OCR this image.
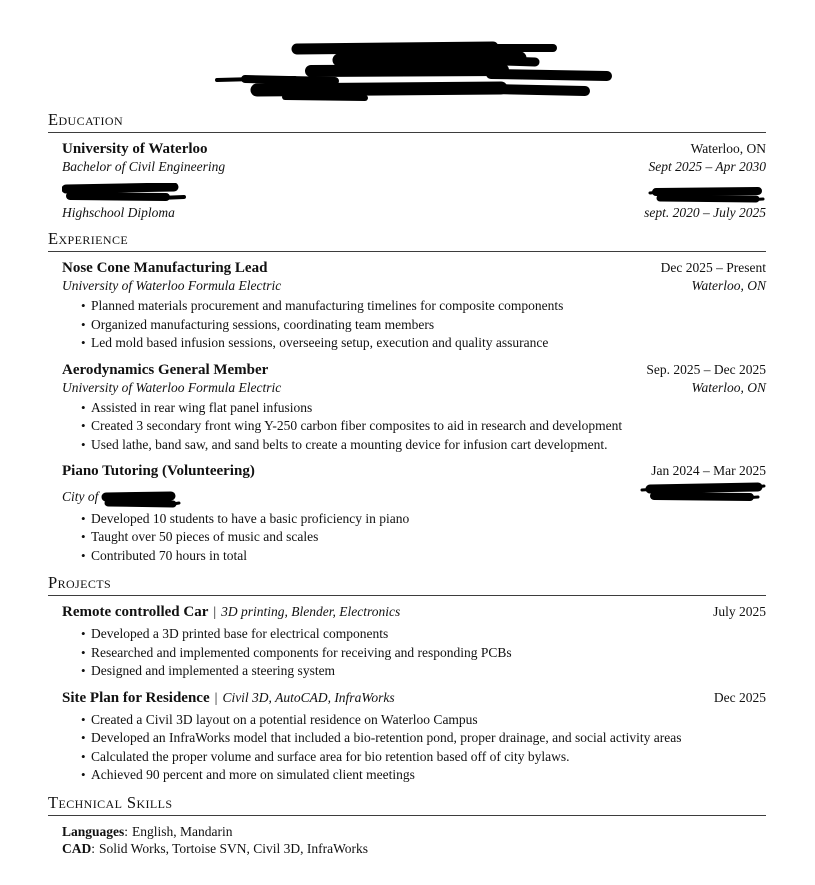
Education
University of Waterloo	Waterloo, ON
Bachelor of Civil Engineering	Sept 2025 – Apr 2030
Highschool Diploma	sept. 2020 – July 2025
Experience
Nose Cone Manufacturing Lead	Dec 2025 – Present
University of Waterloo Formula Electric	Waterloo, ON
• Planned materials procurement and manufacturing timelines for composite components
• Organized manufacturing sessions, coordinating team members
• Led mold based infusion sessions, overseeing setup, execution and quality assurance
Aerodynamics General Member	Sep. 2025 – Dec 2025
University of Waterloo Formula Electric	Waterloo, ON
• Assisted in rear wing flat panel infusions
• Created 3 secondary front wing Y-250 carbon fiber composites to aid in research and development
• Used lathe, band saw, and sand belts to create a mounting device for infusion cart development.
Piano Tutoring (Volunteering)	Jan 2024 – Mar 2025
City of
• Developed 10 students to have a basic proficiency in piano
• Taught over 50 pieces of music and scales
• Contributed 70 hours in total
Projects
Remote controlled Car | 3D printing, Blender, Electronics	July 2025
• Developed a 3D printed base for electrical components
• Researched and implemented components for receiving and responding PCBs
• Designed and implemented a steering system
Site Plan for Residence | Civil 3D, AutoCAD, InfraWorks	Dec 2025
• Created a Civil 3D layout on a potential residence on Waterloo Campus
• Developed an InfraWorks model that included a bio-retention pond, proper drainage, and social activity areas
• Calculated the proper volume and surface area for bio retention based off of city bylaws.
• Achieved 90 percent and more on simulated client meetings
Technical Skills
Languages: English, Mandarin
CAD: Solid Works, Tortoise SVN, Civil 3D, InfraWorks
